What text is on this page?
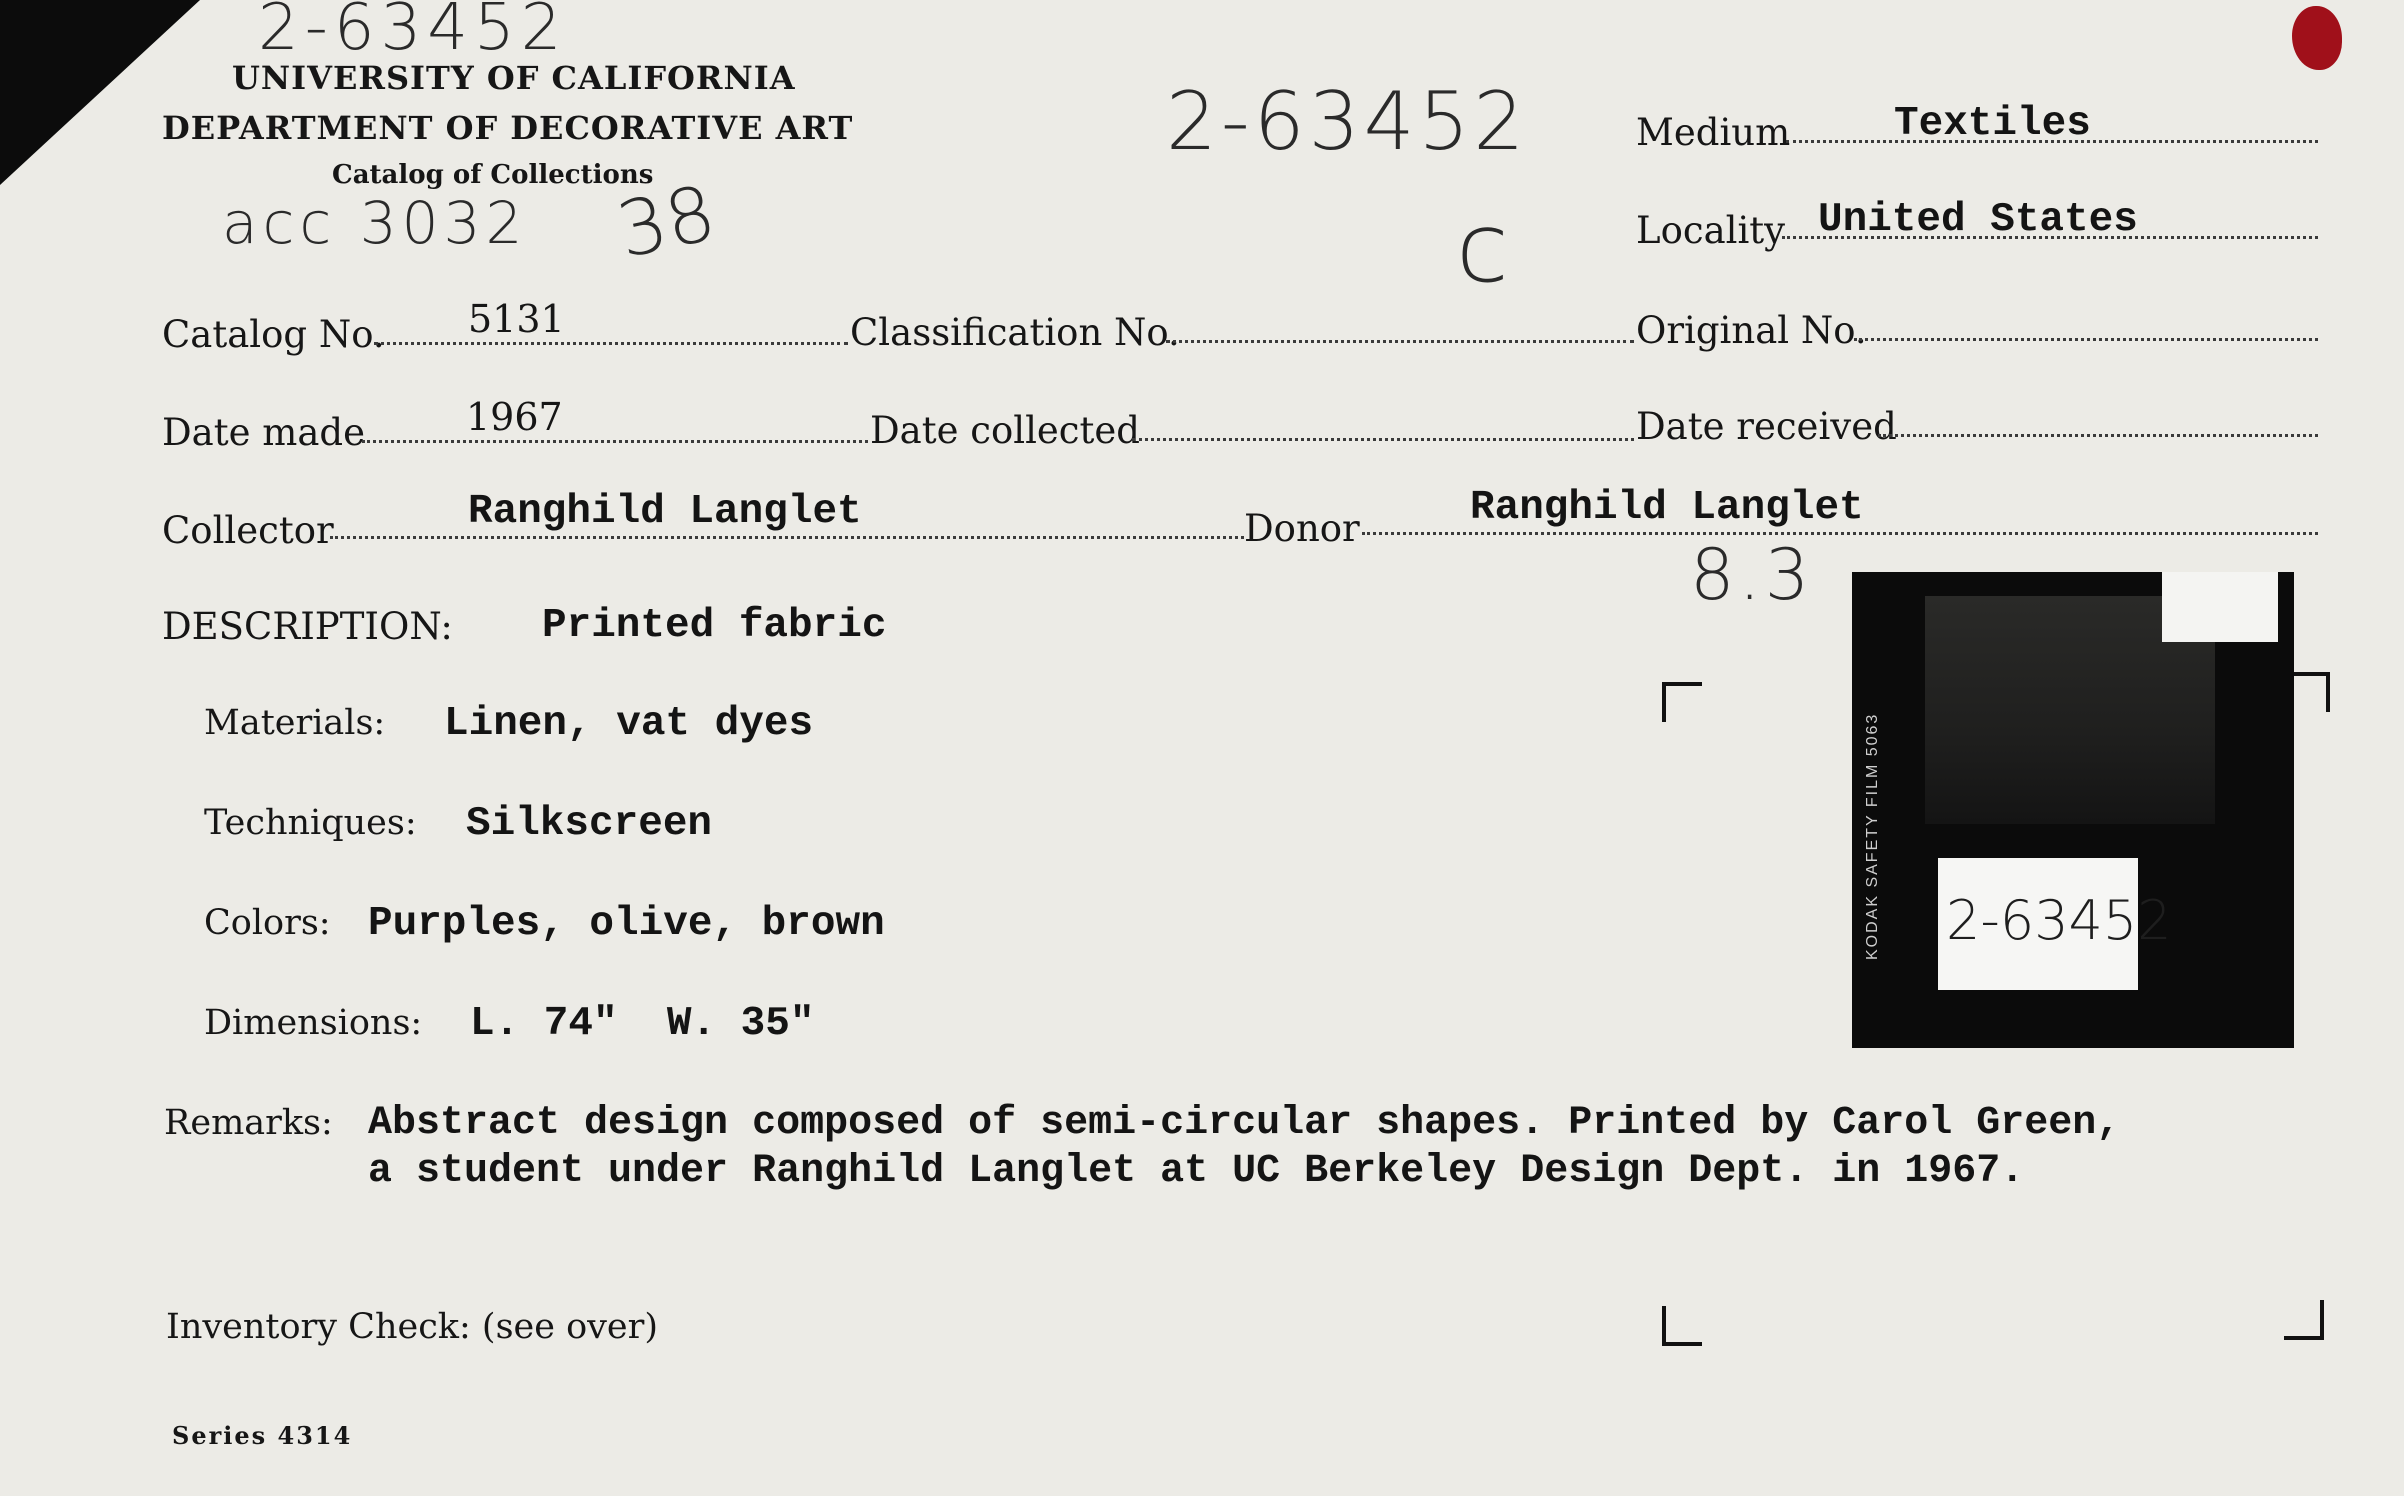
2-63452
acc 3032 38
2-63452
c
8.3
UNIVERSITY OF CALIFORNIA
DEPARTMENT OF DECORATIVE ART
Catalog of Collections
Medium	Textiles
Locality United States
Catalog No. 5131	Classification No.	Original No.
Date made	1967	Date collected	Date received
Collector	Ranghild Langlet	Donor	Ranghild Langlet
DESCRIPTION: Printed fabric
Materials: Linen, vat dyes
Techniques: Silkscreen
Colors: Purples, olive, brown
Dimensions: L. 74"  W. 35"
Remarks: Abstract design composed of semi-circular shapes. Printed by Carol Green,
a student under Ranghild Langlet at UC Berkeley Design Dept. in 1967.
Inventory Check: (see over)
Series 4314
KODAK SAFETY FILM 5063 2-63452
